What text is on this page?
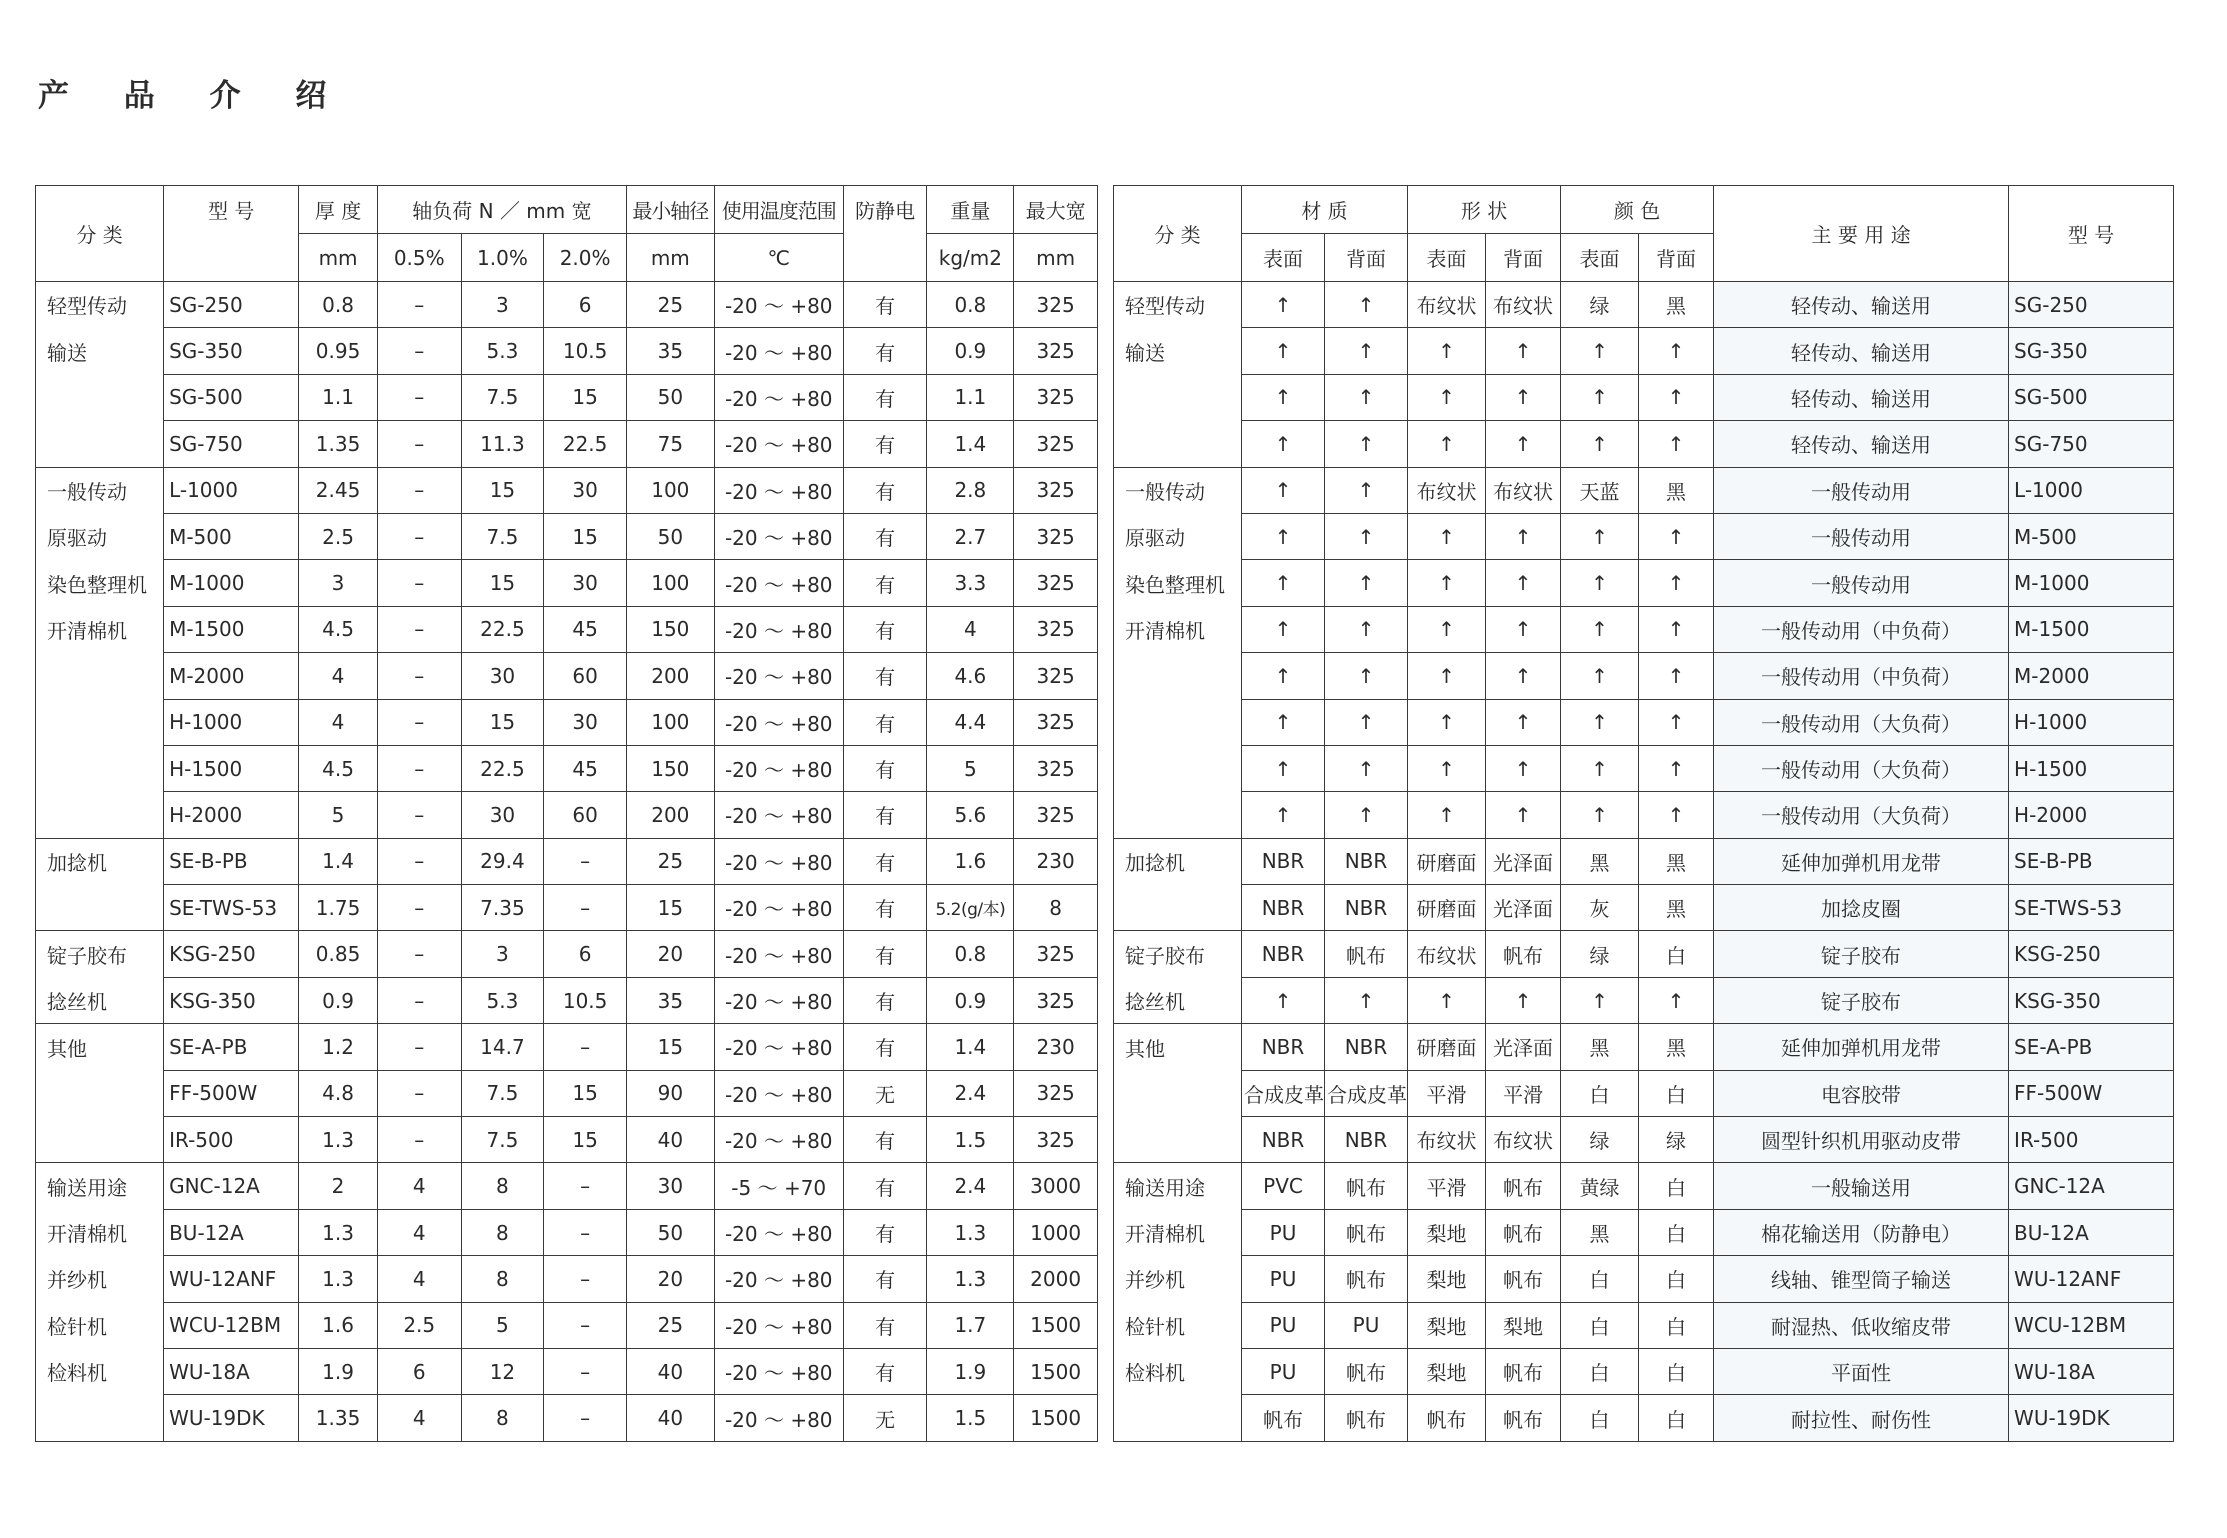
产 品 介 绍
分 类	型 号	厚 度	轴负荷 N ／ mm 宽			最小轴径	使用温度范围	防静电	重量	最大宽
		mm	0.5%	1.0%	2.0%	mm	℃		kg/m2	mm
轻型传动	SG-250	0.8	–	3	6	25	-20 ～ +80	有	0.8	325
输送	SG-350	0.95	–	5.3	10.5	35	-20 ～ +80	有	0.9	325
	SG-500	1.1	–	7.5	15	50	-20 ～ +80	有	1.1	325
	SG-750	1.35	–	11.3	22.5	75	-20 ～ +80	有	1.4	325
一般传动	L-1000	2.45	–	15	30	100	-20 ～ +80	有	2.8	325
原驱动	M-500	2.5	–	7.5	15	50	-20 ～ +80	有	2.7	325
染色整理机	M-1000	3	–	15	30	100	-20 ～ +80	有	3.3	325
开清棉机	M-1500	4.5	–	22.5	45	150	-20 ～ +80	有	4	325
	M-2000	4	–	30	60	200	-20 ～ +80	有	4.6	325
	H-1000	4	–	15	30	100	-20 ～ +80	有	4.4	325
	H-1500	4.5	–	22.5	45	150	-20 ～ +80	有	5	325
	H-2000	5	–	30	60	200	-20 ～ +80	有	5.6	325
加捻机	SE-B-PB	1.4	–	29.4	–	25	-20 ～ +80	有	1.6	230
	SE-TWS-53	1.75	–	7.35	–	15	-20 ～ +80	有	5.2(g/本)	8
锭子胶布	KSG-250	0.85	–	3	6	20	-20 ～ +80	有	0.8	325
捻丝机	KSG-350	0.9	–	5.3	10.5	35	-20 ～ +80	有	0.9	325
其他	SE-A-PB	1.2	–	14.7	–	15	-20 ～ +80	有	1.4	230
	FF-500W	4.8	–	7.5	15	90	-20 ～ +80	无	2.4	325
	IR-500	1.3	–	7.5	15	40	-20 ～ +80	有	1.5	325
输送用途	GNC-12A	2	4	8	–	30	-5 ～ +70	有	2.4	3000
开清棉机	BU-12A	1.3	4	8	–	50	-20 ～ +80	有	1.3	1000
并纱机	WU-12ANF	1.3	4	8	–	20	-20 ～ +80	有	1.3	2000
检针机	WCU-12BM	1.6	2.5	5	–	25	-20 ～ +80	有	1.7	1500
检料机	WU-18A	1.9	6	12	–	40	-20 ～ +80	有	1.9	1500
	WU-19DK	1.35	4	8	–	40	-20 ～ +80	无	1.5	1500
分 类	材 质		形 状		颜 色		主 要 用 途	型 号
	表面	背面	表面	背面	表面	背面		
轻型传动	↑	↑	布纹状	布纹状	绿	黑	轻传动、输送用	SG-250
输送	↑	↑	↑	↑	↑	↑	轻传动、输送用	SG-350
	↑	↑	↑	↑	↑	↑	轻传动、输送用	SG-500
	↑	↑	↑	↑	↑	↑	轻传动、输送用	SG-750
一般传动	↑	↑	布纹状	布纹状	天蓝	黑	一般传动用	L-1000
原驱动	↑	↑	↑	↑	↑	↑	一般传动用	M-500
染色整理机	↑	↑	↑	↑	↑	↑	一般传动用	M-1000
开清棉机	↑	↑	↑	↑	↑	↑	一般传动用（中负荷）	M-1500
	↑	↑	↑	↑	↑	↑	一般传动用（中负荷）	M-2000
	↑	↑	↑	↑	↑	↑	一般传动用（大负荷）	H-1000
	↑	↑	↑	↑	↑	↑	一般传动用（大负荷）	H-1500
	↑	↑	↑	↑	↑	↑	一般传动用（大负荷）	H-2000
加捻机	NBR	NBR	研磨面	光泽面	黑	黑	延伸加弹机用龙带	SE-B-PB
	NBR	NBR	研磨面	光泽面	灰	黑	加捻皮圈	SE-TWS-53
锭子胶布	NBR	帆布	布纹状	帆布	绿	白	锭子胶布	KSG-250
捻丝机	↑	↑	↑	↑	↑	↑	锭子胶布	KSG-350
其他	NBR	NBR	研磨面	光泽面	黑	黑	延伸加弹机用龙带	SE-A-PB
	合成皮革	合成皮革	平滑	平滑	白	白	电容胶带	FF-500W
	NBR	NBR	布纹状	布纹状	绿	绿	圆型针织机用驱动皮带	IR-500
输送用途	PVC	帆布	平滑	帆布	黄绿	白	一般输送用	GNC-12A
开清棉机	PU	帆布	梨地	帆布	黑	白	棉花输送用（防静电）	BU-12A
并纱机	PU	帆布	梨地	帆布	白	白	线轴、锥型筒子输送	WU-12ANF
检针机	PU	PU	梨地	梨地	白	白	耐湿热、低收缩皮带	WCU-12BM
检料机	PU	帆布	梨地	帆布	白	白	平面性	WU-18A
	帆布	帆布	帆布	帆布	白	白	耐拉性、耐伤性	WU-19DK
